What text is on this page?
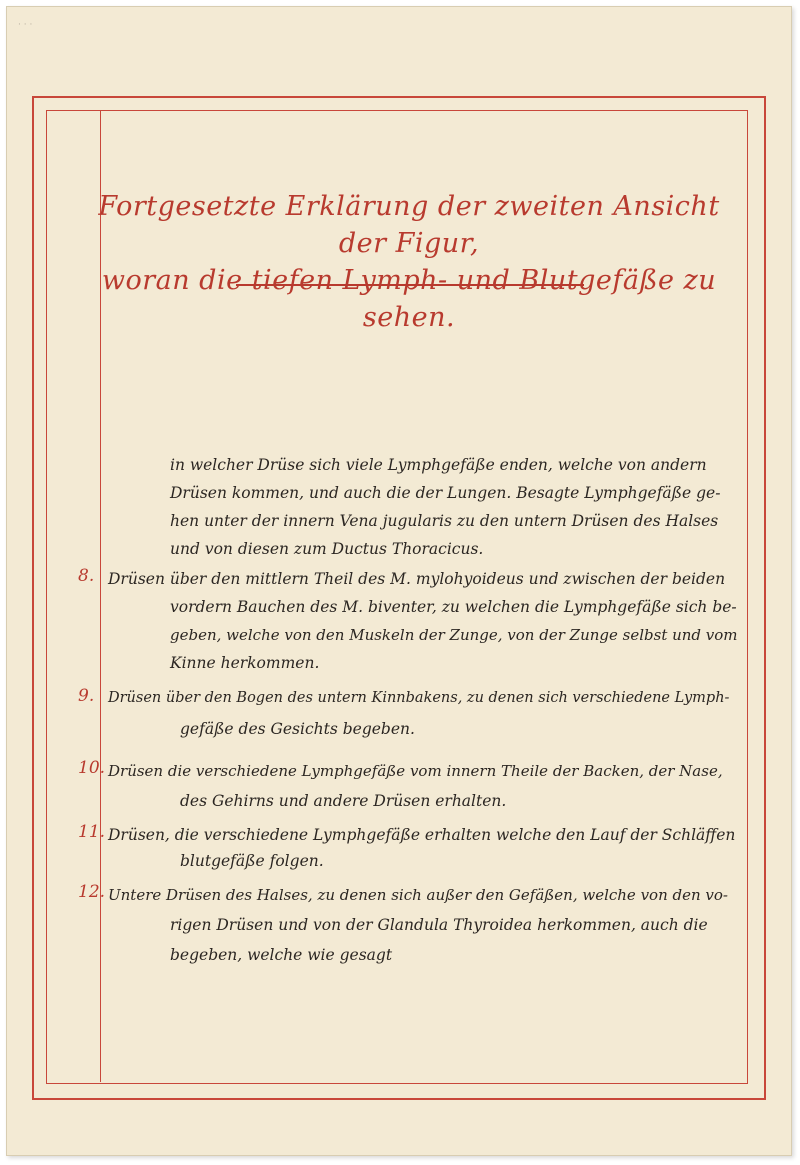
· · ·
Fortgesetzte Erklärung der zweiten Ansicht der Figur,
woran die tiefen Lymph- und Blutgefäße zu sehen.
in welcher Drüse sich viele Lymphgefäße enden, welche von andern
Drüsen kommen, und auch die der Lungen. Besagte Lymphgefäße ge-
hen unter der innern Vena jugularis zu den untern Drüsen des Halses
und von diesen zum Ductus Thoracicus.
8. Drüsen über den mittlern Theil des M. mylohyoideus und zwischen der beiden
vordern Bauchen des M. biventer, zu welchen die Lymphgefäße sich be-
geben, welche von den Muskeln der Zunge, von der Zunge selbst und vom
Kinne herkommen.
9. Drüsen über den Bogen des untern Kinnbakens, zu denen sich verschiedene Lymph-
gefäße des Gesichts begeben.
10. Drüsen die verschiedene Lymphgefäße vom innern Theile der Backen, der Nase,
des Gehirns und andere Drüsen erhalten.
11. Drüsen, die verschiedene Lymphgefäße erhalten welche den Lauf der Schläffen
blutgefäße folgen.
12. Untere Drüsen des Halses, zu denen sich außer den Gefäßen, welche von den vo-
rigen Drüsen und von der Glandula Thyroidea herkommen, auch die
begeben, welche wie gesagt
